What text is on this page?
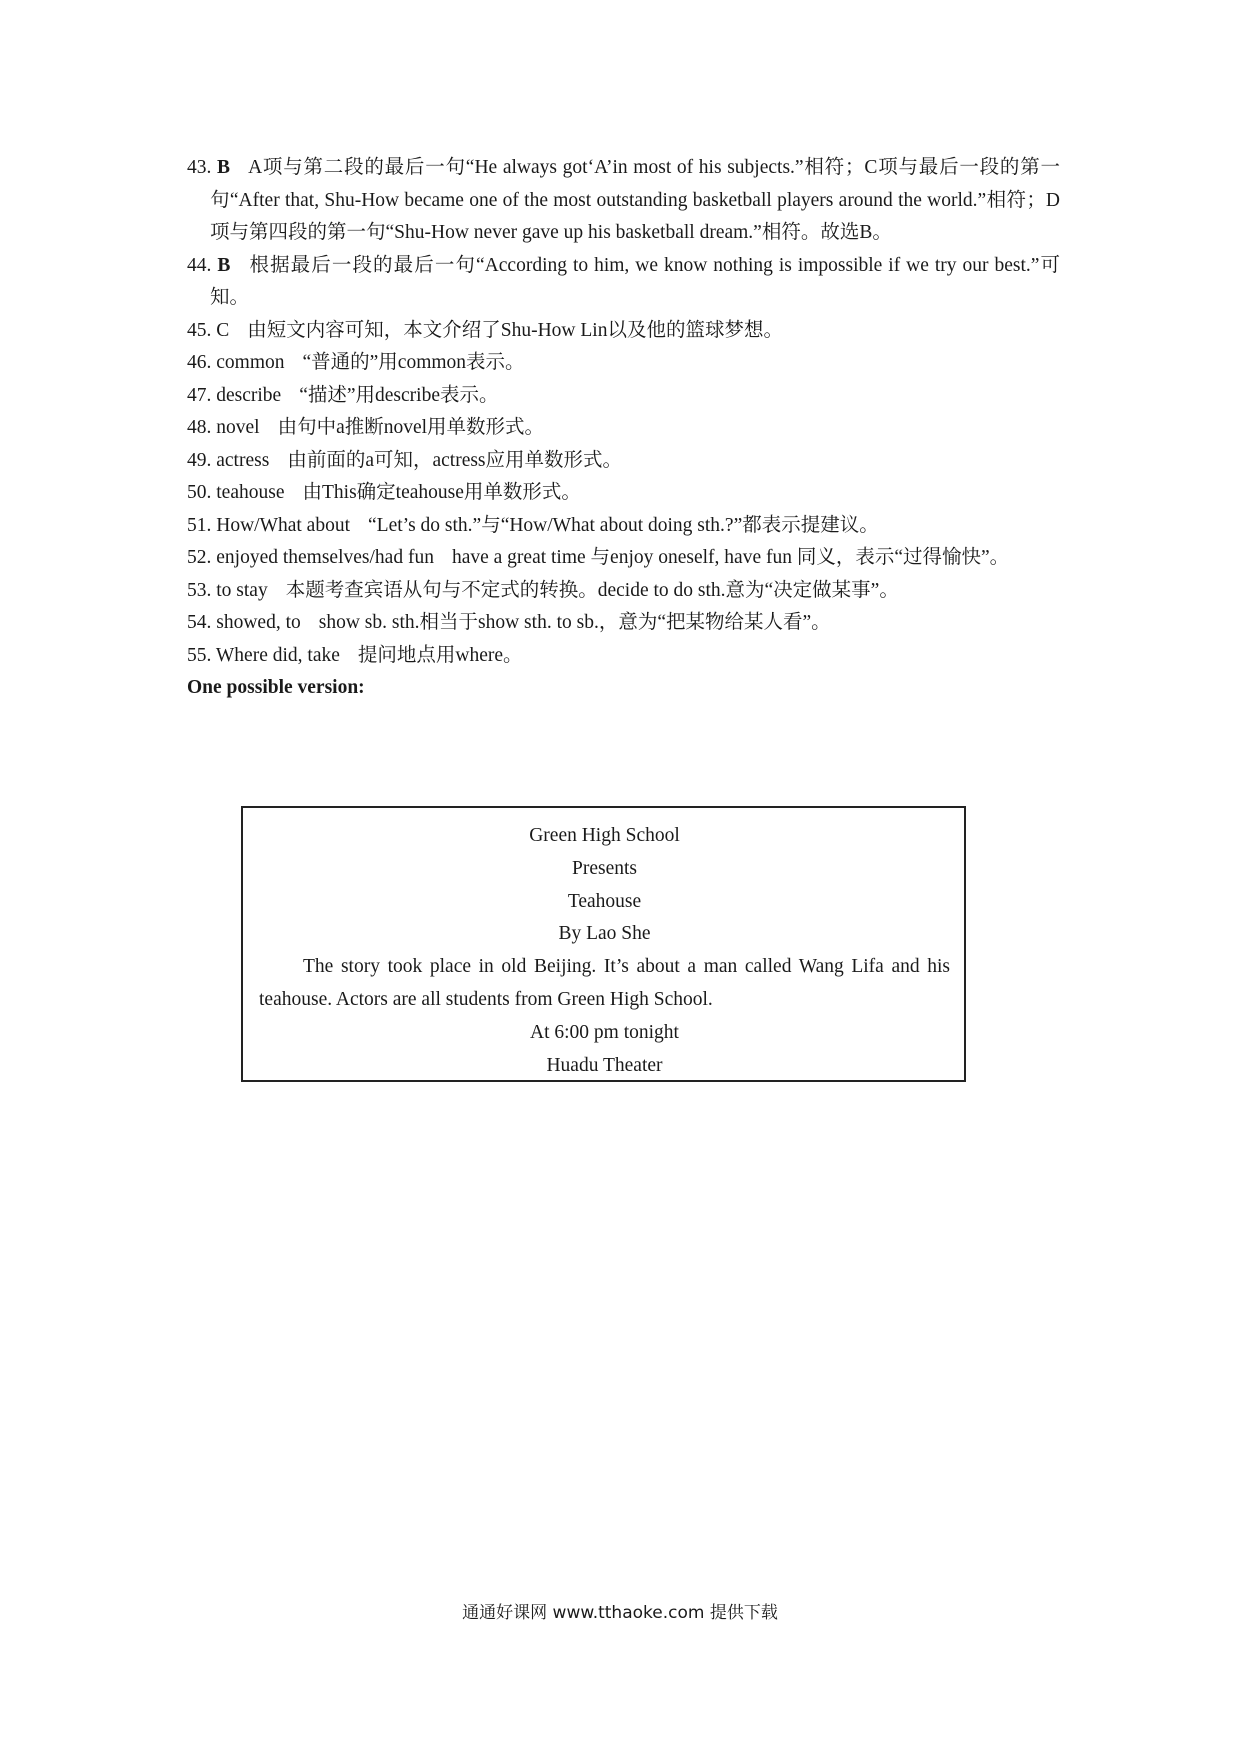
43. B A项与第二段的最后一句“He always got‘A’in most of his subjects.”相符；C项与最后一段的第一句“After that, Shu-How became one of the most outstanding basketball players around the world.”相符；D项与第四段的第一句“Shu-How never gave up his basketball dream.”相符。故选B。
44. B 根据最后一段的最后一句“According to him, we know nothing is impossible if we try our best.”可知。
45. C 由短文内容可知，本文介绍了Shu-How Lin以及他的篮球梦想。
46. common “普通的”用common表示。
47. describe “描述”用describe表示。
48. novel 由句中a推断novel用单数形式。
49. actress 由前面的a可知，actress应用单数形式。
50. teahouse 由This确定teahouse用单数形式。
51. How/What about “Let’s do sth.”与“How/What about doing sth.?”都表示提建议。
52. enjoyed themselves/had fun have a great time 与enjoy oneself, have fun 同义，表示“过得愉快”。
53. to stay 本题考查宾语从句与不定式的转换。decide to do sth.意为“决定做某事”。
54. showed, to show sb. sth.相当于show sth. to sb.，意为“把某物给某人看”。
55. Where did, take 提问地点用where。
One possible version:
Green High School
Presents
Teahouse
By Lao She
The story took place in old Beijing. It’s about a man called Wang Lifa and his teahouse. Actors are all students from Green High School.
At 6:00 pm tonight
Huadu Theater
通通好课网 www.tthaoke.com 提供下载
